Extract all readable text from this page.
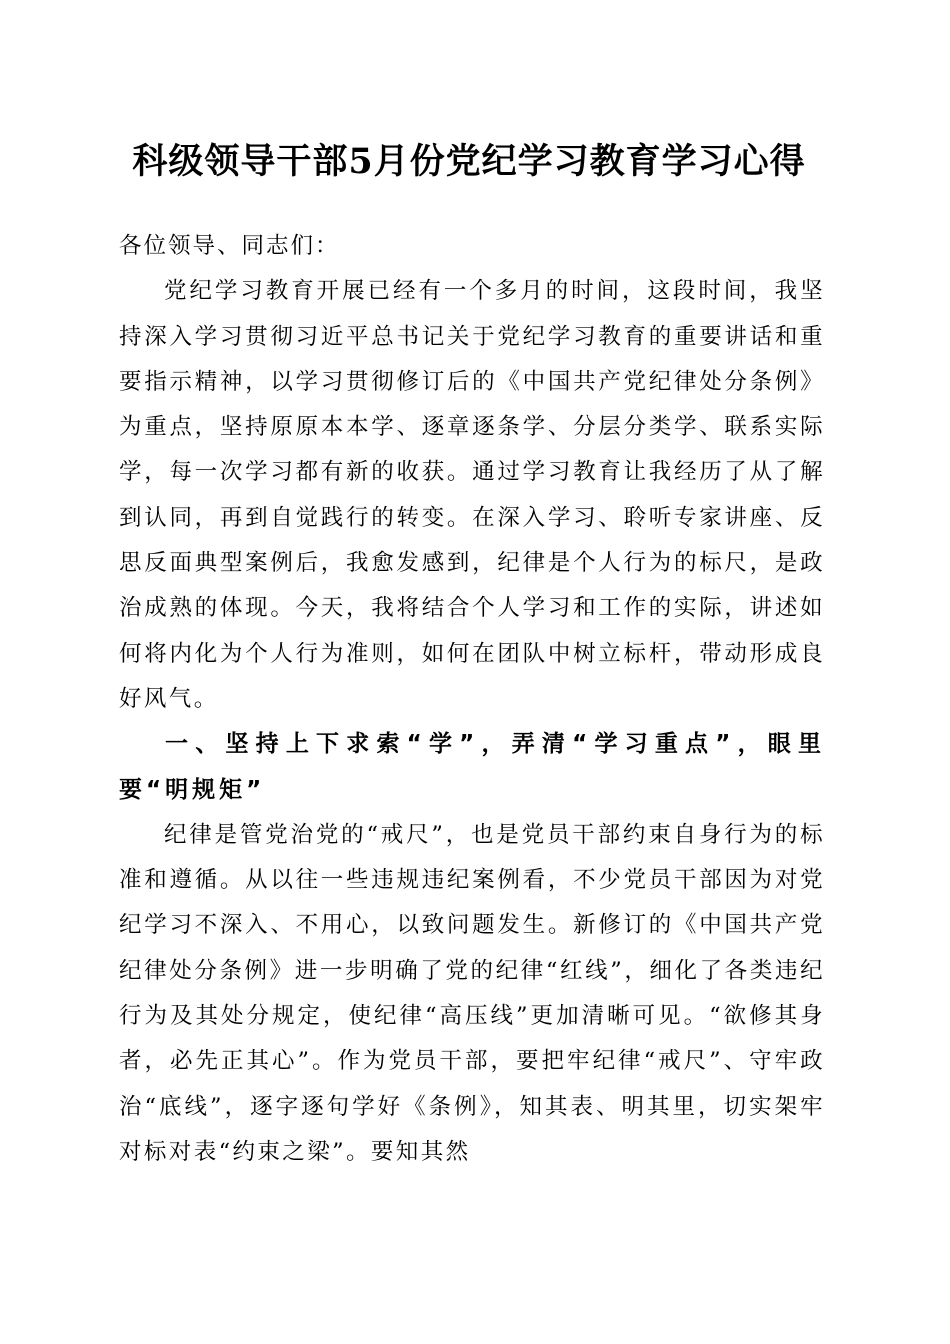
科级领导干部5月份党纪学习教育学习心得

各位领导、同志们：

党纪学习教育开展已经有一个多月的时间，这段时间，我坚持深入学习贯彻习近平总书记关于党纪学习教育的重要讲话和重要指示精神，以学习贯彻修订后的《中国共产党纪律处分条例》为重点，坚持原原本本学、逐章逐条学、分层分类学、联系实际学，每一次学习都有新的收获。通过学习教育让我经历了从了解到认同，再到自觉践行的转变。在深入学习、聆听专家讲座、反思反面典型案例后，我愈发感到，纪律是个人行为的标尺，是政治成熟的体现。今天，我将结合个人学习和工作的实际，讲述如何将内化为个人行为准则，如何在团队中树立标杆，带动形成良好风气。

一、坚持上下求索“学”，弄清“学习重点”，眼里要“明规矩”

纪律是管党治党的“戒尺”，也是党员干部约束自身行为的标准和遵循。从以往一些违规违纪案例看，不少党员干部因为对党纪学习不深入、不用心，以致问题发生。新修订的《中国共产党纪律处分条例》进一步明确了党的纪律“红线”，细化了各类违纪行为及其处分规定，使纪律“高压线”更加清晰可见。“欲修其身者，必先正其心”。作为党员干部，要把牢纪律“戒尺”、守牢政治“底线”，逐字逐句学好《条例》，知其表、明其里，切实架牢对标对表“约束之梁”。要知其然
